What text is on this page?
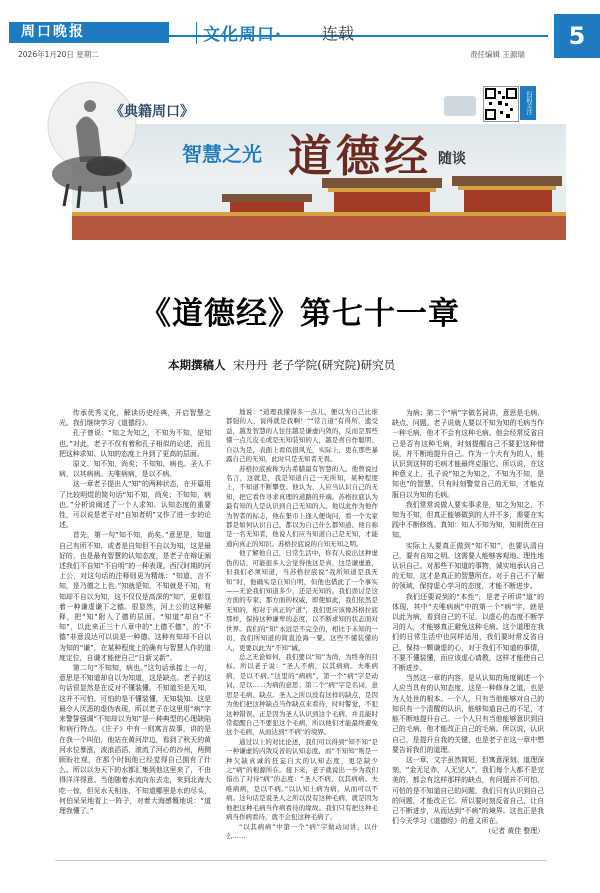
周口晚报	文化周口·	连载	5
2026年1月20日 星期二	责任编辑 王源瑞
《典籍周口》
智慧之光 道德经 随谈
扫码关注
《道德经》第七十一章
本期撰稿人 宋丹丹 老子学院(研究院)研究员

传承优秀文化，解读历史经典，开启智慧之光。我们继续学习《道德经》。

孔子曾说：“知之为知之，不知为不知，是知也。”对此，老子不仅有着和孔子相似的论述，而且把这种求知、认知的态度上升到了更高的层面。

原文、知不知，尚矣；不知知，病也。圣人不病，以其病病。夫唯病病，是以不病。

这一章老子提出人“知”的两种状态，在开篇用了比较明煜的简句话“知不知，尚矣；不知知，病也。”分析说阐述了一个人求知、认知态度的重要性，可以说是老子对“自知者明”又作了进一步的论述。

首先，第一句“知不知，尚矣。”意思是，知道自己有所不知，或者是自知但不自以为知，这是最好的，也是最有智慧的认知态度，是老子在辩证阐述我们不自知“不自明”的一种表现。西汉时期的河上公，对这句话的注释则更为精练：“知道，言不知，是乃德之上也。”知就是知，不知就是不知，有知却不自以为知，这不仅仅是高深的“知”，更彰显着一种谦虚谦下之德。很显然，河上公的这种解释，把“知”附入了德的层面。“知道”却自“不知”，以此来正三十八章中的“上德不德”，的“不德”非意没达可以说是一种德。这种有知却不自以为知的“谦”，在某种程度上的确有与智慧人作的道度定位，自谦才能使自己“日新又新”。

第二句“不知知，病也。”这句话承接上一句，意思是不知道却自以为知道，这是缺点。老子的这句话很显然是在反对不懂装懂。不知道至是无知，这并不可怕。可怕的是不懂装懂，无知装知。这是最令人厌恶的虚伪表现，所以老子在这里用“病”字来警誓强调“不知却以为知”是一种典型的心理缺陷和病行特点。《庄子》中有一则寓言故事，讲的是在我一个叫伯，他站在黄河岸边，看到了秋天的黄河水位暴涨，波浪滔滔，滚流了河心的沙州，两侧顾盼壮观，在那个时间他已经觉得自己拥有了什么。所以以为天下的水都汇集到他这里来了，不由得洋洋得意。当他随着水流向东去走，来到北海大吃一惊，但见水天相连，不知道哪里是水的尽头，何伯呆呆地看上一阵子，对着大海感慨地说：“道理我懂了。”

地说：“道理我懂得多一点儿，便以为自己比谁都强的人，说得就是我啊！”“常言道”有得所，遗受益，越发智慧的人往往越是谦虚内敛的，反而是那些懂一点儿皮毛或是无知装知的人，越是喜自作聪明、自以为是，表面上看似很风光，实际上，更在那些暴露自己的无知，此时只是无知者无畏。

苏格拉底被称为古希腊最有智慧的人。他曾说过名言，这就是，我是知道自己一无所知，某种程度上，不知道不断攀登。他认为，人应当认识自己的无知，把它看作寻求真理的道路的开端。苏格拉底认为最有知的人是认识到自己无知的人。他以此作为他作为智者的标志，他在集市上逢人便询问，看一个大家都是如何认识自己，都以为自己什么都知道。他自称是一名无知者，他说人们应当知道自己是无知，才能通向真正的知识。苏格拉底说的自知无知之明。

他了解他自己，日常生活中，你有人说出这种虚伪的话，可能很多人会觉得他这是真，这是谦虚逊，但我们必须知道，当苏格拉底说“我所知道是我无知”时，他确实是自知自明，但他也借此了一个事实——无论我们知道多少，还是无知的。我们误讨是这方面的专家、那方面的权威，即使如此，我们依然是无知的，相对于真正的“道”，我们更应该像苏格拉底那样，保持这种谦卑的态度，以不断求知的状态面对世界。我们的“知”永远是不完全的，相比于未知的一切，我们所知道的简直沧海一粟。这些不懂装懂的人，更要以此为“不知”诫。

总之无论如何，我们要以“知”为尚，为终身的目标。所以老子说：“圣人不病，以其病病。夫唯病病，是以不病。”这里的“病病”，第一个“病”字是动词，是以……为病的意思；第二个“病”字是名词，意思是毛病、缺点。圣人之所以没有这样的缺点，是因为他们把这种缺点当作缺点来看待，时时警觉，不犯这种错误。正是因为圣人认识到这个毛病，并且能时常提醒自己不要犯这个毛病，所以他们才能最终避免这个毛病，从而达到“不病”的境界。

通过以上的对比论述，我们可以得到“知不知”是一种谦虚的内敛反省的认知态度，而“不知知”则是一种欠缺真诚的狂妄自大的认知态度，更是缺少之“病”的根源所在。接下来，老子就说出一步为我们指出了对待“病”的态度：“圣人不病，以其病病。夫唯病病，是以不病。”以认知上病为病，从而可以不病。这句话是说圣人之所以没有这种毛病，就是因为他把这种毛病当作病看待的缘故。我们只有把这种毛病当作病看待，就不会犯这种毛病了。

“以其病病”中第一个“病”字做动词讲，以什么……

为病；第二个“病”字做名词讲，意思是毛病、缺点、问题。老子说就人要以不知为知的毛病当作一种毛病，他才不会有这种毛病。他会经常反省自己是否有这种毛病，时刻提醒自己不要犯这种错误，并不断地提升自己。作为一个大有为的人，能认识到这样的毛病才能最终克服它。所以说，在这种意义上，孔子说“知之为知之，不知为不知，是知也”的智慧，只有时刻警觉自己的无知，才能克服自以为知的毛病。

我们常常说做人要实事求是，知之为知之，不知为不知，但真正能够做到的人并不多，需要在实践中不断修炼。真知：知人不知为知，知则贵在自知。

实际上人要真正做到“知不知”，也要认清自己，要有自知之明。这需要人能够客观地、理性地认识自己。对那些不知道的事物，诚实地承认自己的无知，这才是真正的智慧所在。对于自己不了解的领域，保持虚心学习的态度，才能不断进步。

我们还要说到的“本性”，是老子所讲“道”的体现，其中“夫唯病病”中的第一个“病”字，就是以此为病，看到自己的不足，以虚心的态度不断学习的人，才能够真正避免这种毛病。这个道理在我们的日常生活中也同样适用，我们要时常反省自己，保持一颗谦虚的心，对于我们不知道的事情，不要不懂装懂，而应该虚心请教，这样才能使自己不断进步。

当然这一章的内容，是从认知的角度阐述一个人应当具有的认知态度，这是一种修身之道，也是为人处世的根本。一个人，只有当他能够对自己的知识有一个清醒的认识，能够知道自己的不足，才能不断地提升自己。一个人只有当他能够意识到自己的毛病，他才能改正自己的毛病。所以说，认识自己，是提升自我的关键，也是老子在这一章中想要告诉我们的道理。

这一章，文字虽然简短，但寓意深刻。道理深刻，“金无足赤，人无完人”，我们每个人都不是完美的，都会有这样那样的缺点，有问题并不可怕，可怕的是不知道自己的问题，我们只有认识到自己的问题，才能改正它。所以要时刻反省自己，让自己不断进步，从而达到“不病”的境界。这也正是我们今天学习《道德经》的意义所在。

（记者 黄佳 整理）
